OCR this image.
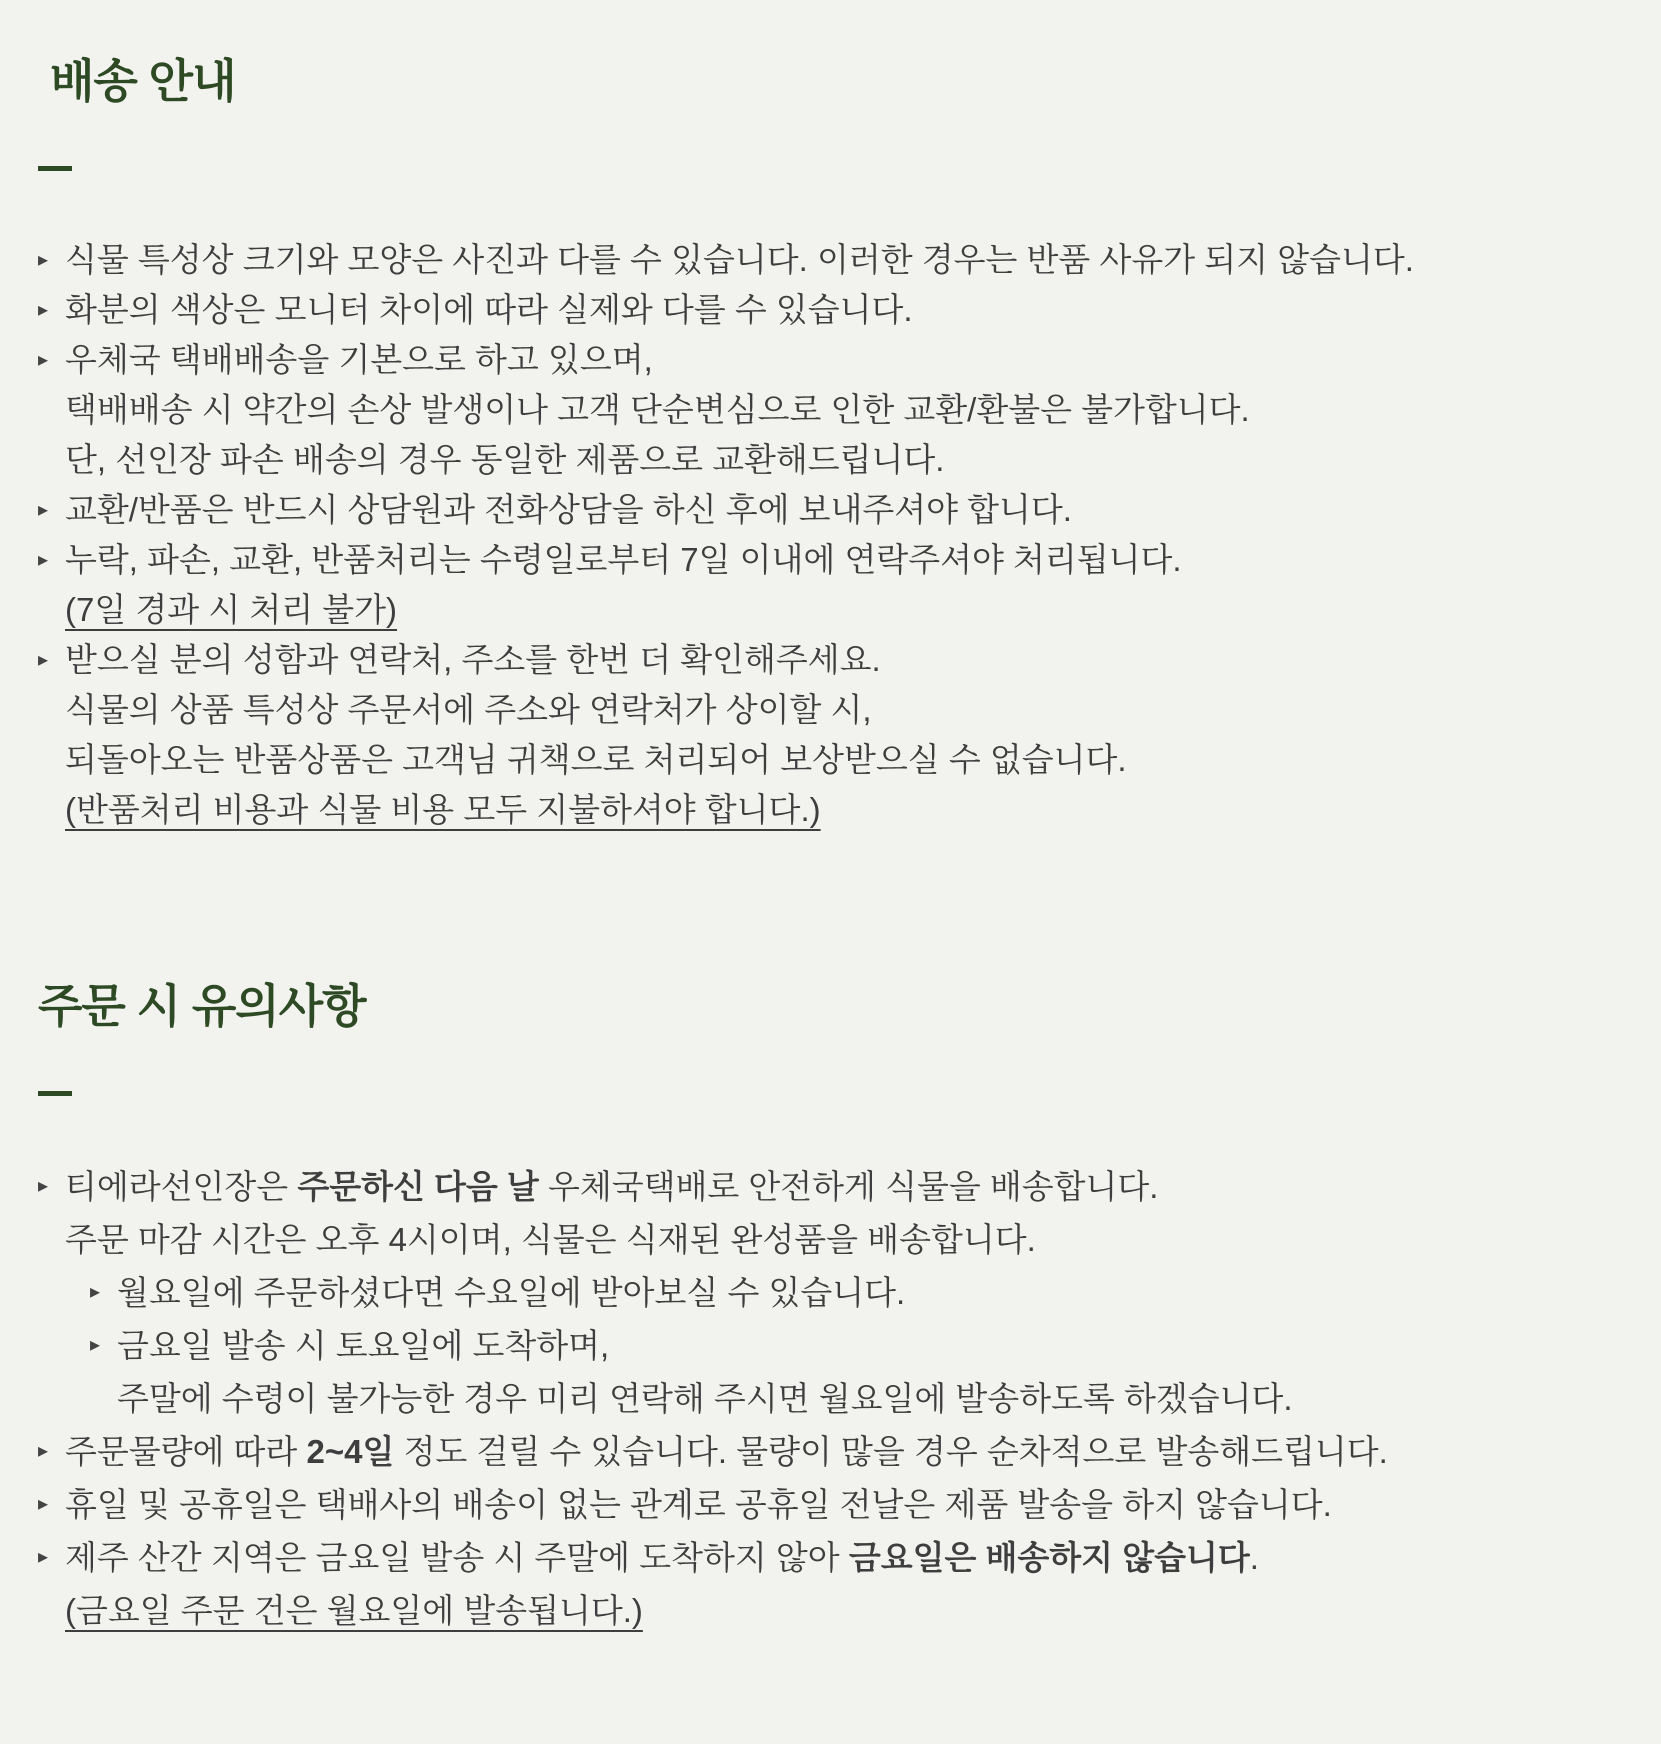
배송 안내
▸ 식물 특성상 크기와 모양은 사진과 다를 수 있습니다. 이러한 경우는 반품 사유가 되지 않습니다.

▸ 화분의 색상은 모니터 차이에 따라 실제와 다를 수 있습니다.

▸ 우체국 택배배송을 기본으로 하고 있으며,

택배배송 시 약간의 손상 발생이나 고객 단순변심으로 인한 교환/환불은 불가합니다.

단, 선인장 파손 배송의 경우 동일한 제품으로 교환해드립니다.

▸ 교환/반품은 반드시 상담원과 전화상담을 하신 후에 보내주셔야 합니다.

▸ 누락, 파손, 교환, 반품처리는 수령일로부터 7일 이내에 연락주셔야 처리됩니다.

(7일 경과 시 처리 불가)

▸ 받으실 분의 성함과 연락처, 주소를 한번 더 확인해주세요.

식물의 상품 특성상 주문서에 주소와 연락처가 상이할 시,

되돌아오는 반품상품은 고객님 귀책으로 처리되어 보상받으실 수 없습니다.

(반품처리 비용과 식물 비용 모두 지불하셔야 합니다.)

주문 시 유의사항
▸ 티에라선인장은 주문하신 다음 날 우체국택배로 안전하게 식물을 배송합니다.

주문 마감 시간은 오후 4시이며, 식물은 식재된 완성품을 배송합니다.

▸ 월요일에 주문하셨다면 수요일에 받아보실 수 있습니다.

▸ 금요일 발송 시 토요일에 도착하며,

주말에 수령이 불가능한 경우 미리 연락해 주시면 월요일에 발송하도록 하겠습니다.

▸ 주문물량에 따라 2~4일 정도 걸릴 수 있습니다. 물량이 많을 경우 순차적으로 발송해드립니다.

▸ 휴일 및 공휴일은 택배사의 배송이 없는 관계로 공휴일 전날은 제품 발송을 하지 않습니다.

▸ 제주 산간 지역은 금요일 발송 시 주말에 도착하지 않아 금요일은 배송하지 않습니다.

(금요일 주문 건은 월요일에 발송됩니다.)
